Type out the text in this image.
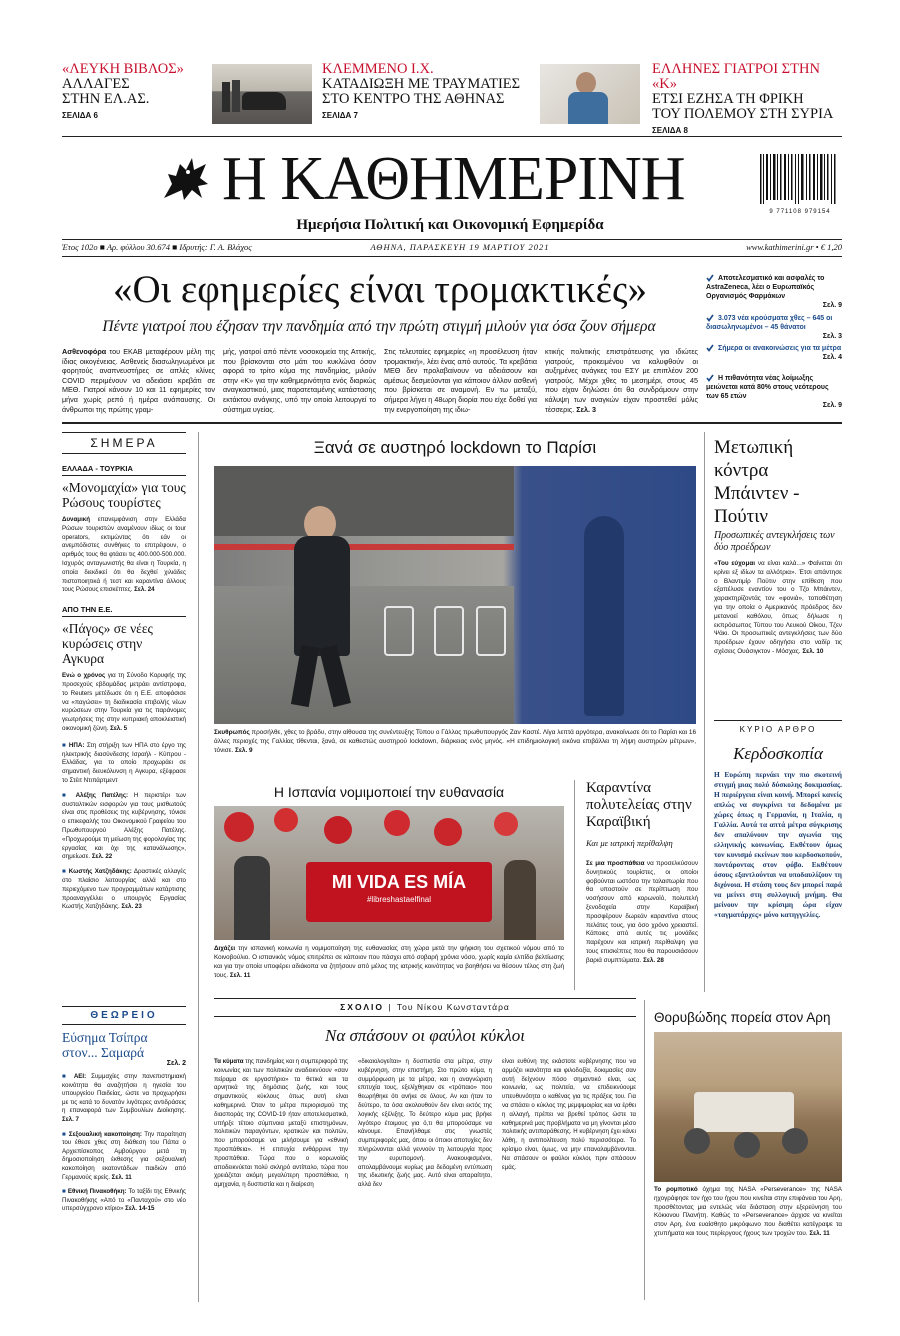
«ΛΕΥΚΗ ΒΙΒΛΟΣ»
ΑΛΛΑΓΕΣ
ΣΤΗΝ ΕΛ.ΑΣ.
ΣΕΛΙΔΑ 6
ΚΛΕΜΜΕΝΟ Ι.Χ.
ΚΑΤΑΔΙΩΞΗ ΜΕ ΤΡΑΥΜΑΤΙΕΣ
ΣΤΟ ΚΕΝΤΡΟ ΤΗΣ ΑΘΗΝΑΣ
ΣΕΛΙΔΑ 7
ΕΛΛΗΝΕΣ ΓΙΑΤΡΟΙ ΣΤΗΝ «Κ»
ΕΤΣΙ ΕΖΗΣΑ ΤΗ ΦΡΙΚΗ
ΤΟΥ ΠΟΛΕΜΟΥ ΣΤΗ ΣΥΡΙΑ
ΣΕΛΙΔΑ 8
Η ΚΑΘΗΜΕΡΙΝΗ
Ημερήσια Πολιτική και Οικονομική Εφημερίδα
9 771108 979154
Έτος 102ο ■ Αρ. φύλλου 30.674 ■ Ιδρυτής: Γ. Α. Βλάχος	ΑΘΗΝΑ, ΠΑΡΑΣΚΕΥΗ 19 ΜΑΡΤΙΟΥ 2021	www.kathimerini.gr • € 1,20
«Οι εφημερίες είναι τρομακτικές»
Πέντε γιατροί που έζησαν την πανδημία από την πρώτη στιγμή μιλούν για όσα ζουν σήμερα
Ασθενοφόρα του ΕΚΑΒ μεταφέρουν μέλη της ίδιας οικογένειας. Ασθενείς διασωληνωμένοι με φορητούς αναπνευστήρες σε απλές κλίνες COVID περιμένουν να αδειάσει κρεβάτι σε ΜΕΘ. Γιατροί κάνουν 10 και 11 εφημερίες τον μήνα χωρίς ρεπό ή ημέρα ανάπαυσης. Οι άνθρωποι της πρώτης γραμ-
μής, γιατροί από πέντε νοσοκομεία της Αττικής, που βρίσκονται στο μάτι του κυκλώνα όσον αφορά το τρίτο κύμα της πανδημίας, μιλούν στην «Κ» για την καθημερινότητα ενός διαρκώς αναγκαστικού, μιας παρατεταμένης κατάστασης εκτάκτου ανάγκης, υπό την οποία λειτουργεί το σύστημα υγείας.
Στις τελευταίες εφημερίες «η προσέλευση ήταν τρομακτική», λέει ένας από αυτούς. Τα κρεβάτια ΜΕΘ δεν προλαβαίνουν να αδειάσουν και αμέσως δεσμεύονται για κάποιον άλλον ασθενή που βρίσκεται σε αναμονή. Εν τω μεταξύ, σήμερα λήγει η 48ωρη διορία που είχε δοθεί για την ενεργοποίηση της ιδιω-
κτικής πολιτικής επιστράτευσης για ιδιώτες γιατρούς, προκειμένου να καλυφθούν οι αυξημένες ανάγκες του ΕΣΥ με επιπλέον 200 γιατρούς. Μέχρι χθες το μεσημέρι, στους 45 που είχαν δηλώσει ότι θα συνδράμουν στην κάλυψη των αναγκών είχαν προστεθεί μόλις τέσσερις. Σελ. 3
Αποτελεσματικό και ασφαλές το AstraZeneca, λέει ο Ευρωπαϊκός Οργανισμός Φαρμάκων
Σελ. 9
3.073 νέα κρούσματα χθες – 645 οι διασωληνωμένοι – 45 θάνατοι
Σελ. 3
Σήμερα οι ανακοινώσεις για τα μέτρα
Σελ. 4
Η πιθανότητα νέας λοίμωξης μειώνεται κατά 80% στους νεότερους των 65 ετών
Σελ. 9
ΣΗΜΕΡΑ
ΕΛΛΑΔΑ - ΤΟΥΡΚΙΑ
«Μονομαχία» για τους Ρώσους τουρίστες
Δυναμική επανεμφάνιση στην Ελλάδα Ρώσων τουριστών αναμένουν ιδίως οι tour operators, εκτιμώντας ότι εάν οι ανεμπόδιστες συνθήκες το επιτρέψουν, ο αριθμός τους θα φτάσει τις 400.000-500.000. Ισχυρός ανταγωνιστής θα είναι η Τουρκία, η οποία διεκδικεί ότι θα δεχθεί χιλιάδες πιστοποιητικά ή τεστ και καραντίνα άλλους τους Ρώσους επισκέπτες. Σελ. 24
ΑΠΟ ΤΗΝ Ε.Ε.
«Πάγος» σε νέες κυρώσεις στην Αγκυρα
Ενώ ο χρόνος για τη Σύνοδο Κορυφής της προσεχούς εβδομάδας μετράει αντίστροφα, το Reuters μετέδωσε ότι η Ε.Ε. αποφάσισε να «παγώσει» τη διαδικασία επιβολής νέων κυρώσεων στην Τουρκία για τις παράνομες γεωτρήσεις της στην κυπριακή αποκλειστική οικονομική ζώνη. Σελ. 5
■ ΗΠΑ: Στη στήριξη των ΗΠΑ στο έργο της ηλεκτρικής διασύνδεσης Ισραήλ - Κύπρου - Ελλάδας, για το οποίο προχωράει σε σημαντική διευκόλυνση η Αγκυρα, εξέφρασε το Στέιτ Ντιπάρτμεντ
■ Αλέξης Πατέλης: Η περιστέρι των συσταλτικών εισφορών για τους μισθωτούς είναι στις προθέσεις της κυβέρνησης, τόνισε ο επικεφαλής του Οικονομικού Γραφείου του Πρωθυπουργού Αλέξης Πατέλης. «Προχωρούμε τη μείωση της φορολογίας της εργασίας και όχι της κατανάλωσης», σημείωσε. Σελ. 22
■ Κωστής Χατζηδάκης: Δραστικές αλλαγές στο πλαίσιο λειτουργίας αλλά και στο περιεχόμενο των προγραμμάτων κατάρτισης προαναγγέλλει ο υπουργός Εργασίας Κωστής Χατζηδάκης. Σελ. 23
ΘΕΩΡΕΙΟ
Εύσημα Τσίπρα στον... Σαμαρά
Σελ. 2
■ ΑΕΙ: Συμμαχίες στην πανεπιστημιακή κοινότητα θα αναζητήσει η ηγεσία του υπουργείου Παιδείας, ώστε να προχωρήσει με τις κατά το δυνατόν λιγότερες αντιδράσεις η επαναφορά των Συμβουλίων Διοίκησης. Σελ. 7
■ Σεξουαλική κακοποίηση: Την παραίτηση του έθεσε χθες στη διάθεση του Πάπα ο Αρχιεπίσκοπος Αμβούργου μετά τη δημοσιοποίηση έκθεσης για σεξουαλική κακοποίηση εκατοντάδων παιδιών από Γερμανούς ιερείς. Σελ. 11
■ Εθνική Πινακοθήκη: Το ταξίδι της Εθνικής Πινακοθήκης «Από το «Πανταχού» στο νέο υπερσύγχρονο κτίριο» Σελ. 14-15
Ξανά σε αυστηρό lockdown το Παρίσι
Σκυθρωπός προσήλθε, χθες το βράδυ, στην αίθουσα της συνέντευξης Τύπου ο Γάλλος πρωθυπουργός Ζαν Καστέ. Λίγα λεπτά αργότερα, ανακοίνωσε ότι το Παρίσι και 16 άλλες περιοχές της Γαλλίας τίθενται, ξανά, σε καθεστώς αυστηρού lockdown, διάρκειας ενός μηνός. «Η επιδημιολογική εικόνα επιβάλλει τη λήψη αυστηρών μέτρων», τόνισε. Σελ. 9
Μετωπική κόντρα Μπάιντεν - Πούτιν
Προσωπικές αντεγκλήσεις των δύο προέδρων
«Του εύχομαι να είναι καλά...» Φαίνεται ότι κρίνει εξ ιδίων τα αλλότρια». Έτσι απάντησε ο Βλαντιμίρ Πούτιν στην επίθεση που εξαπέλυσε εναντίον του ο Τζο Μπάιντεν, χαρακτηρίζοντάς τον «φονιά», τοποθέτηση για την οποία ο Αμερικανός πρόεδρος δεν μετανοεί καθόλου, όπως δήλωσε η εκπρόσωπος Τύπου του Λευκού Οίκου, Τζεν Ψάκι. Οι προσωπικές αντεγκλήσεις των δύο προέδρων έχουν οδηγήσει στο ναδίρ τις σχέσεις Ουάσιγκτον - Μόσχας. Σελ. 10
ΚΥΡΙΟ ΑΡΘΡΟ
Κερδοσκοπία
Η Ευρώπη περνάει την πιο σκοτεινή στιγμή μιας πολύ δύσκολης δοκιμασίας. Η περιέργεια είναι κοινή. Μπορεί κανείς απλώς να συγκρίνει τα δεδομένα με χώρες όπως η Γερμανία, η Ιταλία, η Γαλλία. Αυτά τα απτά μέτρα σύγκρισης δεν απαλύνουν την αγωνία της ελληνικής κοινωνίας. Εκθέτουν όμως τον κυνισμό εκείνων που κερδοσκοπούν, ποντάροντας στον φόβο. Εκθέτουν όσους εξαντλούνται να υποδαυλίζουν τη διχόνοια. Η στάση τους δεν μπορεί παρά να μείνει στη συλλογική μνήμη. Θα μείνουν την κρίσιμη ώρα είχαν «ταγματάρχες» μόνο κατηγγελίες.
Η Ισπανία νομιμοποιεί την ευθανασία
MI VIDA ES MÍA
#libreshastaelfinal
Διχάζει την ισπανική κοινωνία η νομιμοποίηση της ευθανασίας στη χώρα μετά την ψήφιση του σχετικού νόμου από το Κοινοβούλιο. Ο ισπανικός νόμος επιτρέπει σε κάποιον που πάσχει από σοβαρή χρόνια νόσο, χωρίς καμία ελπίδα βελτίωσης και για την οποία υποφέρει αδιάκοπα να ζητήσουν από μέλος της ιατρικής κοινότητας να βοηθήσει να θέσουν τέλος στη ζωή τους. Σελ. 11
Καραντίνα πολυτελείας στην Καραϊβική
Και με ιατρική περίθαλψη
Σε μια προσπάθεια να προσελκύσουν δυνητικούς τουρίστες, οι οποίοι φοβούνται ωστόσο την ταλαιπωρία που θα υποστούν σε περίπτωση που νοσήσουν από κορωνοϊό, πολυτελή ξενοδοχεία στην Καραϊβική προσφέρουν δωρεάν καραντίνα στους πελάτες τους, για όσο χρόνο χρειαστεί. Κάποιες από αυτές τις μονάδες παρέχουν και ιατρική περίθαλψη για τους επισκέπτες που θα παρουσιάσουν βαριά συμπτώματα. Σελ. 28
ΣΧΟΛΙΟ | Του Νίκου Κωνσταντάρα
Να σπάσουν οι φαύλοι κύκλοι
Τα κύματα της πανδημίας και η συμπεριφορά της κοινωνίας και των πολιτικών αναδεικνύουν «σαν πείραμα σε εργαστήριο» τα θετικά και τα αρνητικά της δημόσιας ζωής, και τους σημαντικούς κύκλους όπως αυτή είναι καθημερινά. Όταν το μέτρα περιορισμού της διασποράς της COVID-19 ήταν αποτελεσματικά, υπήρξε τέτοιο σύμπνοια μεταξύ επιστημόνων, πολιτικών παραγόντων, κρατικών και πολιτών, που μπορούσαμε να μιλήσουμε για «εθνική προσπάθεια». Η επιτυχία ενθάρρυνε την προσπάθεια. Τώρα που ο κορωνοϊός αποδεικνύεται πολύ σκληρό αντίπαλο, τώρα που χρειάζεται ακόμη μεγαλύτερη προσπάθεια, η αμηχανία, η δυσπιστία και η διαίρεση
«δικαιολογείται» η δυσπιστία στα μέτρα, στην κυβέρνηση, στην επιστήμη. Στο πρώτο κύμα, η συμμόρφωση με τα μέτρα, και η αναγνώριση επιτυχία τους, εξελίχθηκαν σε «τρόπαιο» που θεωρήθηκε ότι ανήκε σε όλους. Αν και ήταν το δεύτερο, τα όσα ακολουθούν δεν είναι εκτός της λογικής εξέλιξης. Το δεύτερο κύμα μας βρήκε λιγότερο έτοιμους για ό,τι θα μπορούσαμε να κάνουμε. Επανήλθαμε στις γνωστές συμπεριφορές μας, όπου οι όποιοι αποτυχίες δεν πληρώνονται αλλά γεννούν τη λειτουργία προς την ευρυπομονή. Ανακουφισμένοι, απολαμβάνουμε κυρίως μια δεδομένη εντύπωση της ιδιωτικής ζωής μας. Αυτό είναι απαραίτητο, αλλά δεν
είναι ευθύνη της εκάστοτε κυβέρνησης που να αρμόζει ικανότητα και φιλοδοξία, δοκιμασίες σαν αυτή δείχνουν πόσο σημαντικό είναι, ως κοινωνία, ως πολιτεία, να επιδεικνύουμε υπευθυνότητα ο καθένας για τις πράξεις του. Για να σπάσει ο κύκλος της μεμψιμοιρίας και να έρθει η αλλαγή, πρέπει να βρεθεί τρόπος ώστε τα καθημερινά μας προβλήματα να μη γίνονται μέσο πολιτικής αντιπαράθεσης. Η κυβέρνηση έχει κάνει λάθη, η αντιπολίτευση πολύ περισσότερα. Το κρίσιμο είναι, όμως, να μην επαναλαμβάνονται. Να σπάσουν οι φαύλοι κύκλοι, πριν σπάσουν εμάς.
Θορυβώδης πορεία στον Αρη
Το ρομποτικό όχημα της NASA «Perseverance» της NASA ηχογράφησε τον ήχο του ήχου που κινείται στην επιφάνεια του Αρη, προσθέτοντας μια εντελώς νέα διάσταση στην εξερεύνηση του Κόκκινου Πλανήτη. Καθώς το «Perseverance» άρχισε να κινείται στον Αρη, ένα ευαίσθητο μικρόφωνο που διαθέτει κατέγραψε τα χτυπήματα και τους περίεργους ήχους των τροχών του. Σελ. 11
